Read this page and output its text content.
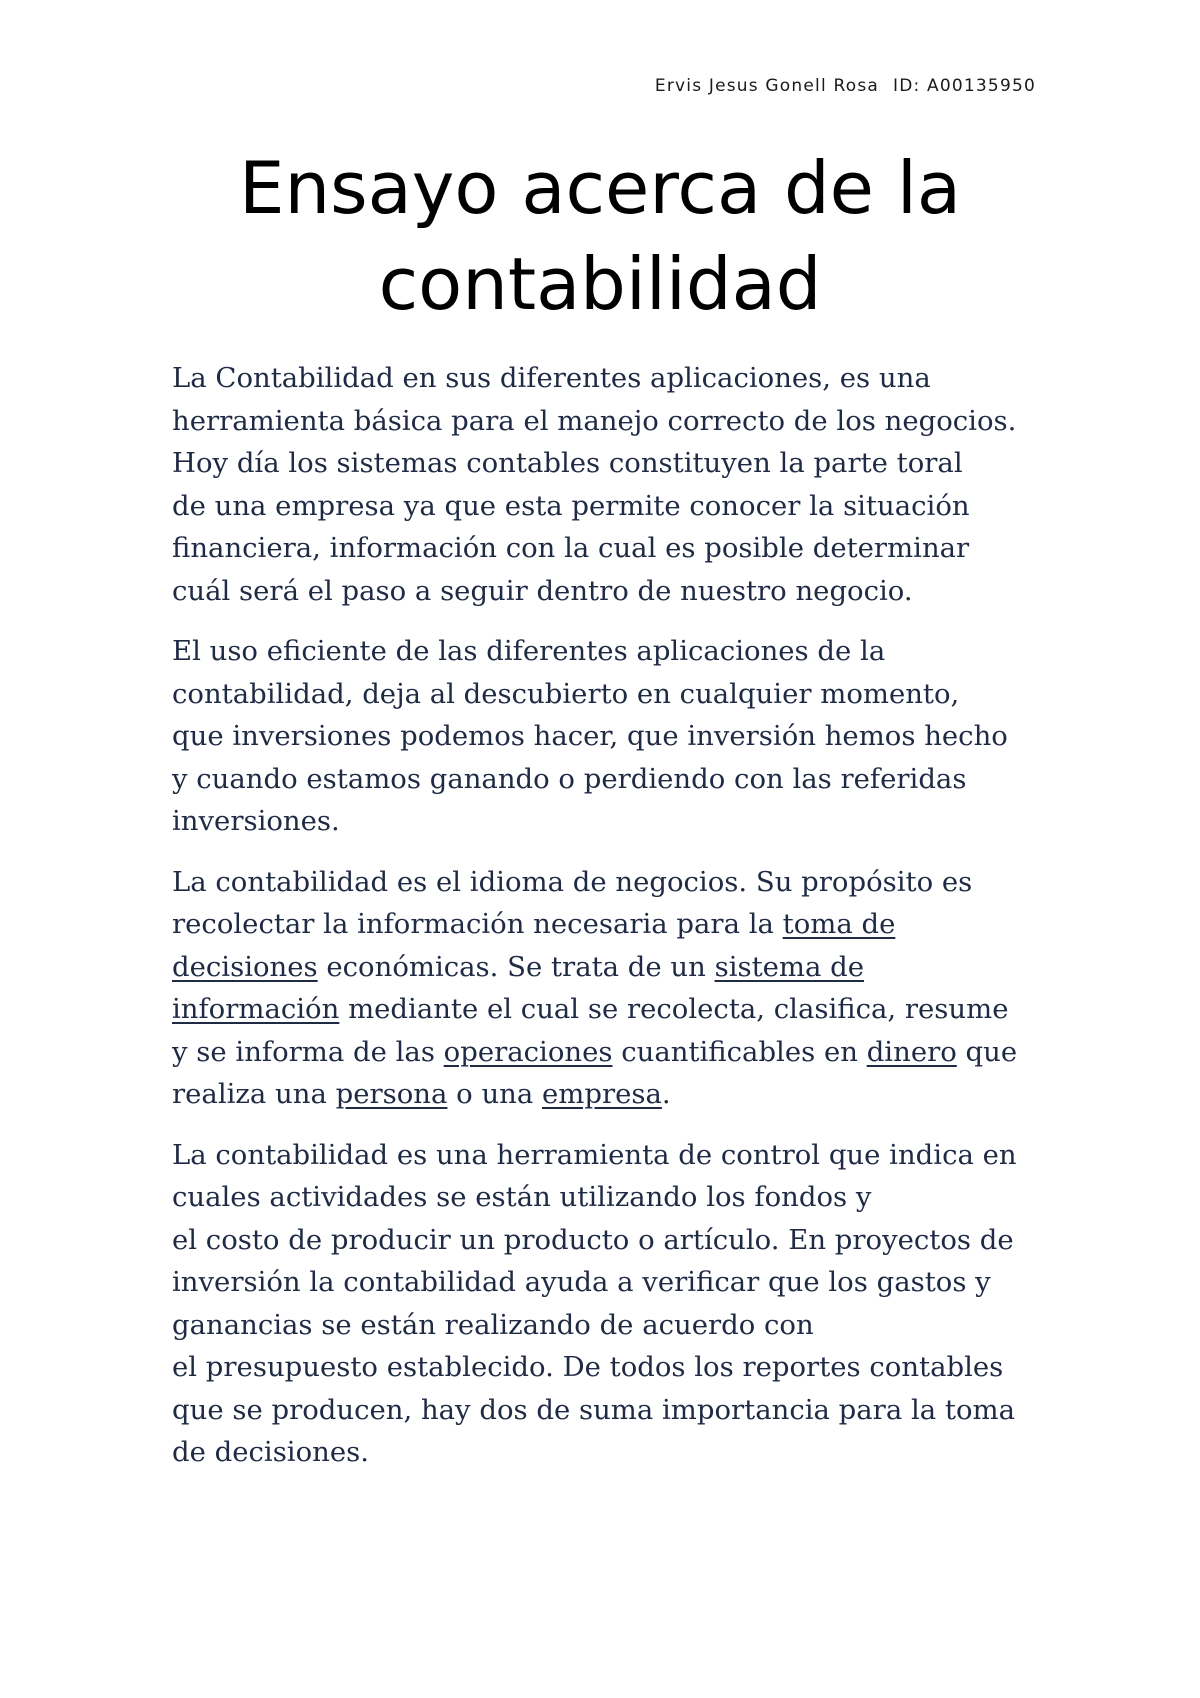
Ervis Jesus Gonell Rosa ID: A00135950
Ensayo acerca de la
contabilidad

La Contabilidad en sus diferentes aplicaciones, es una
herramienta básica para el manejo correcto de los negocios.
Hoy día los sistemas contables constituyen la parte toral
de una empresa ya que esta permite conocer la situación
financiera, información con la cual es posible determinar
cuál será el paso a seguir dentro de nuestro negocio.

El uso eficiente de las diferentes aplicaciones de la
contabilidad, deja al descubierto en cualquier momento,
que inversiones podemos hacer, que inversión hemos hecho
y cuando estamos ganando o perdiendo con las referidas
inversiones.

La contabilidad es el idioma de negocios. Su propósito es
recolectar la información necesaria para la toma de
decisiones económicas. Se trata de un sistema de
información mediante el cual se recolecta, clasifica, resume
y se informa de las operaciones cuantificables en dinero que
realiza una persona o una empresa.

La contabilidad es una herramienta de control que indica en
cuales actividades se están utilizando los fondos y
el costo de producir un producto o artículo. En proyectos de
inversión la contabilidad ayuda a verificar que los gastos y
ganancias se están realizando de acuerdo con
el presupuesto establecido. De todos los reportes contables
que se producen, hay dos de suma importancia para la toma
de decisiones.
